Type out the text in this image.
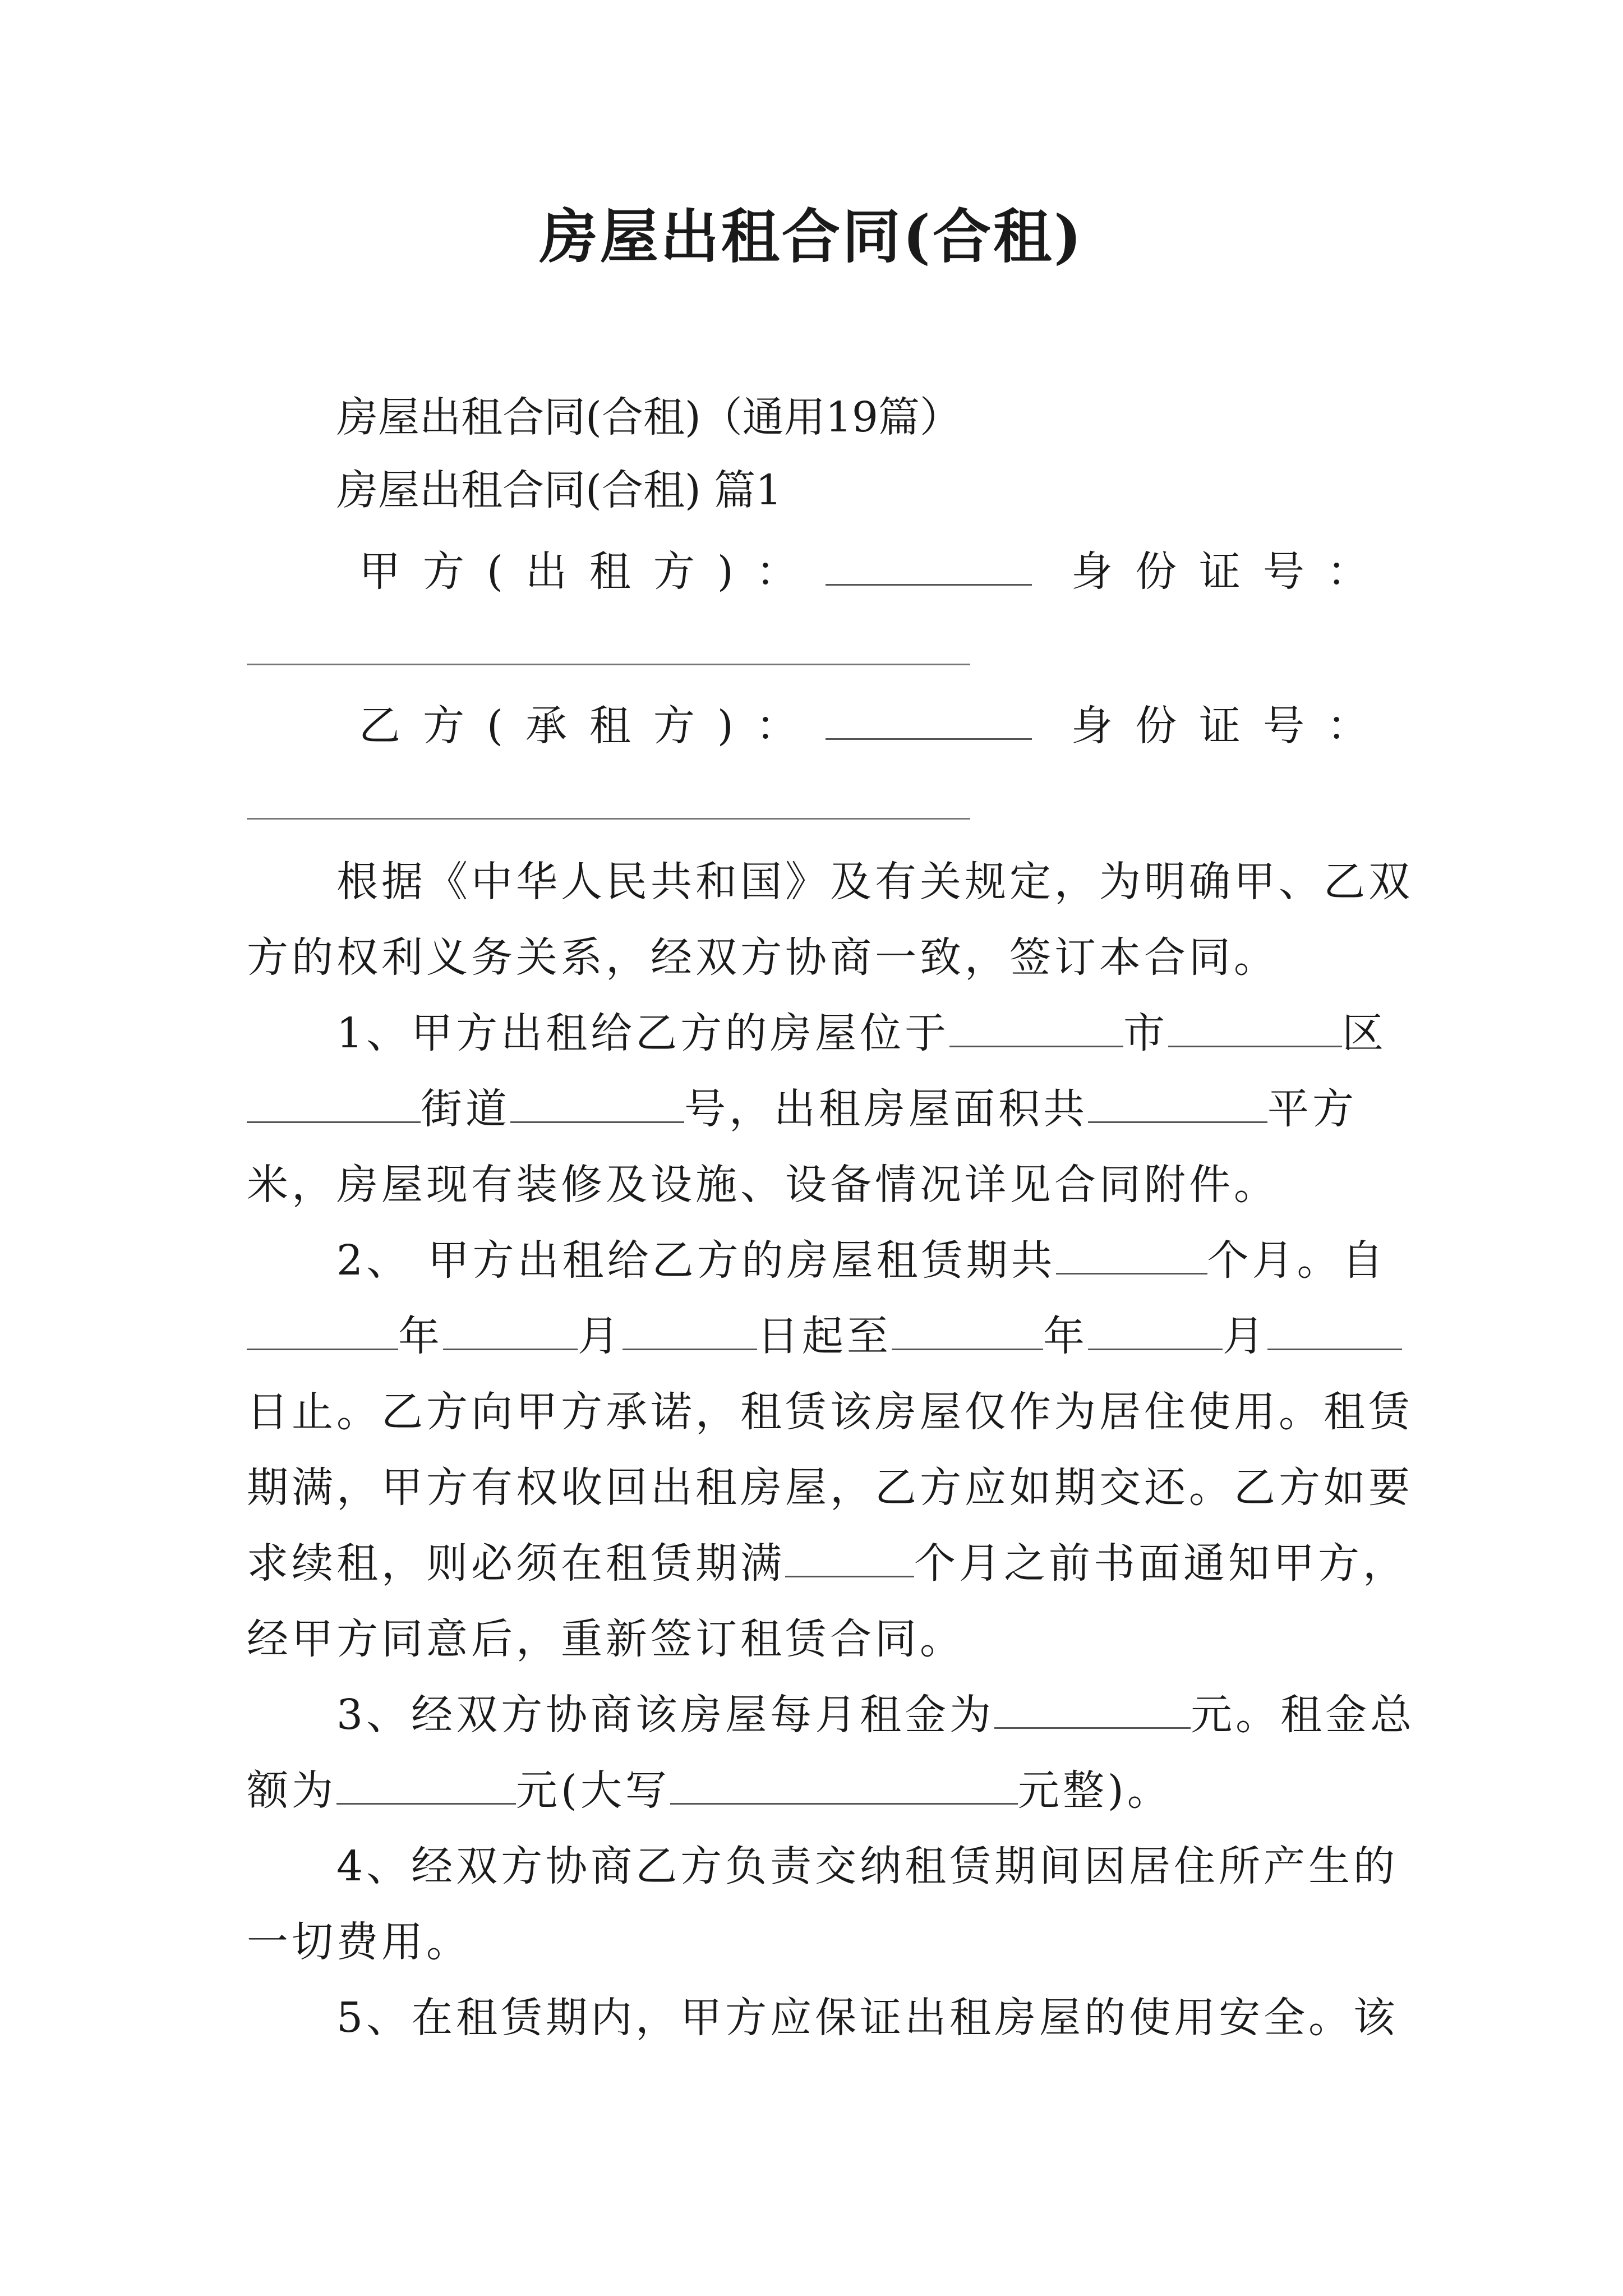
房屋出租合同(合租)
房屋出租合同(合租)（通用19篇）
房屋出租合同(合租) 篇1
甲方(出租方)：	身份证号：
乙方(承租方)：	身份证号：
根据《中华人民共和国》及有关规定，为明确甲、乙双
方的权利义务关系，经双方协商一致，签订本合同。
1、甲方出租给乙方的房屋位于	市	区
街道	号，出租房屋面积共	平方
米，房屋现有装修及设施、设备情况详见合同附件。
2、 甲方出租给乙方的房屋租赁期共	个月。自
年	月	日起至	年	月
日止。乙方向甲方承诺，租赁该房屋仅作为居住使用。租赁
期满，甲方有权收回出租房屋，乙方应如期交还。乙方如要
求续租，则必须在租赁期满	个月之前书面通知甲方，
经甲方同意后，重新签订租赁合同。
3、经双方协商该房屋每月租金为	元。租金总
额为	元(大写	元整)。
4、经双方协商乙方负责交纳租赁期间因居住所产生的
一切费用。
5、在租赁期内，甲方应保证出租房屋的使用安全。该
